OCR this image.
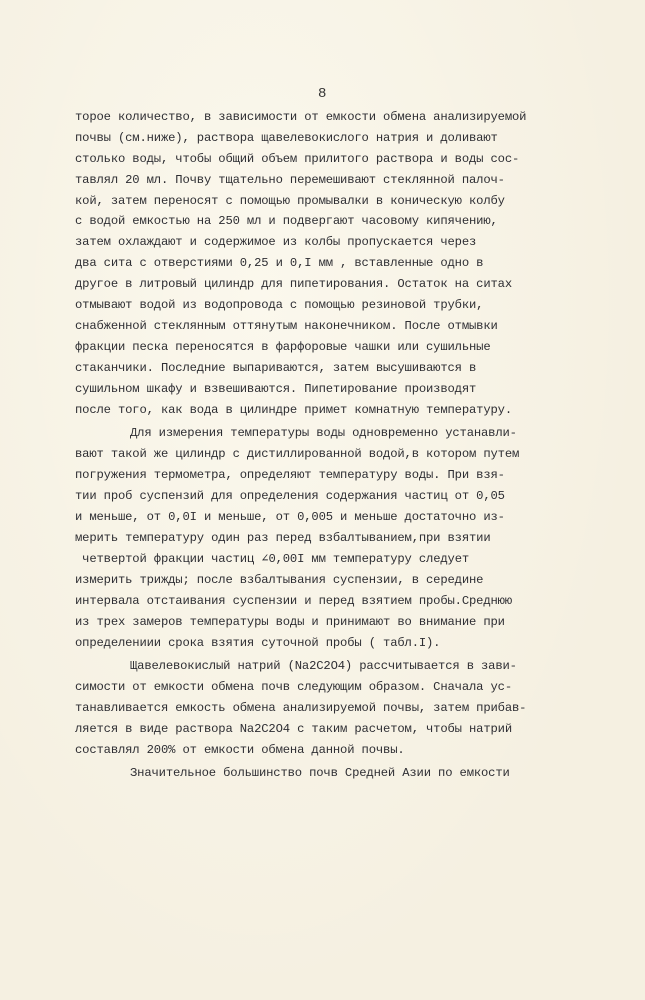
8
торое количество, в зависимости от емкости обмена анализируемой
почвы (см.ниже), раствора щавелевокислого натрия и доливают
столько воды, чтобы общий объем прилитого раствора и воды сос-
тавлял 20 мл. Почву тщательно перемешивают стеклянной палоч-
кой, затем переносят с помощью промывалки в коническую колбу
с водой емкостью на 250 мл и подвергают часовому кипячению,
затем охлаждают и содержимое из колбы пропускается через
два сита с отверстиями 0,25 и 0,I мм , вставленные одно в
другое в литровый цилиндр для пипетирования. Остаток на ситах
отмывают водой из водопровода с помощью резиновой трубки,
снабженной стеклянным оттянутым наконечником. После отмывки
фракции песка переносятся в фарфоровые чашки или сушильные
стаканчики. Последние выпариваются, затем высушиваются в
сушильном шкафу и взвешиваются. Пипетирование производят
после того, как вода в цилиндре примет комнатную температуру.
Для измерения температуры воды одновременно устанавли-
вают такой же цилиндр с дистиллированной водой,в котором путем
погружения термометра, определяют температуру воды. При взя-
тии проб суспензий для определения содержания частиц от 0,05
и меньше, от 0,0I и меньше, от 0,005 и меньше достаточно из-
мерить температуру один раз перед взбалтыванием,при взятии
четвертой фракции частиц ∠0,00I мм температуру следует
измерить трижды; после взбалтывания суспензии, в середине
интервала отстаивания суспензии и перед взятием пробы.Среднюю
из трех замеров температуры воды и принимают во внимание при
определениии срока взятия суточной пробы ( табл.I).
Щавелевокислый натрий (Na2C2O4) рассчитывается в зави-
симости от емкости обмена почв следующим образом. Сначала ус-
танавливается емкость обмена анализируемой почвы, затем прибав-
ляется в виде раствора Na2C2O4 с таким расчетом, чтобы натрий
составлял 200% от емкости обмена данной почвы.
Значительное большинство почв Средней Азии по емкости
